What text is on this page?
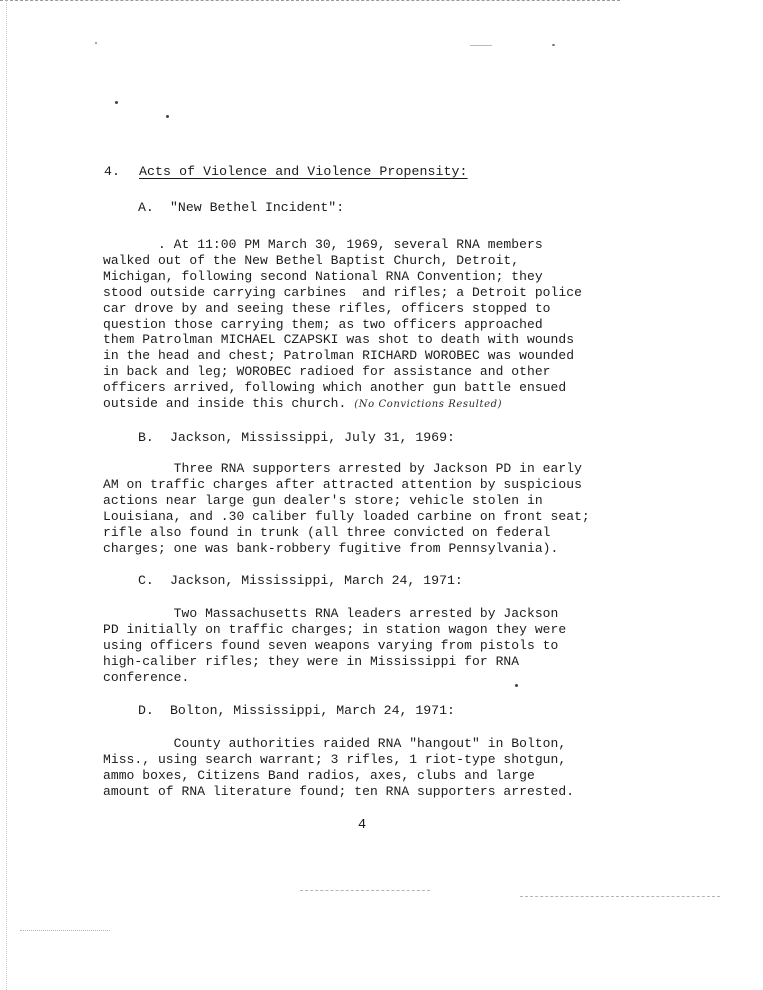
4. Acts of Violence and Violence Propensity:
A. "New Bethel Incident":
. At 11:00 PM March 30, 1969, several RNA members
walked out of the New Bethel Baptist Church, Detroit,
Michigan, following second National RNA Convention; they
stood outside carrying carbines  and rifles; a Detroit police
car drove by and seeing these rifles, officers stopped to
question those carrying them; as two officers approached
them Patrolman MICHAEL CZAPSKI was shot to death with wounds
in the head and chest; Patrolman RICHARD WOROBEC was wounded
in back and leg; WOROBEC radioed for assistance and other
officers arrived, following which another gun battle ensued
outside and inside this church. (No Convictions Resulted)
B. Jackson, Mississippi, July 31, 1969:
Three RNA supporters arrested by Jackson PD in early
AM on traffic charges after attracted attention by suspicious
actions near large gun dealer's store; vehicle stolen in
Louisiana, and .30 caliber fully loaded carbine on front seat;
rifle also found in trunk (all three convicted on federal
charges; one was bank-robbery fugitive from Pennsylvania).
C. Jackson, Mississippi, March 24, 1971:
Two Massachusetts RNA leaders arrested by Jackson
PD initially on traffic charges; in station wagon they were
using officers found seven weapons varying from pistols to
high-caliber rifles; they were in Mississippi for RNA
conference.
D. Bolton, Mississippi, March 24, 1971:
County authorities raided RNA "hangout" in Bolton,
Miss., using search warrant; 3 rifles, 1 riot-type shotgun,
ammo boxes, Citizens Band radios, axes, clubs and large
amount of RNA literature found; ten RNA supporters arrested.
4
